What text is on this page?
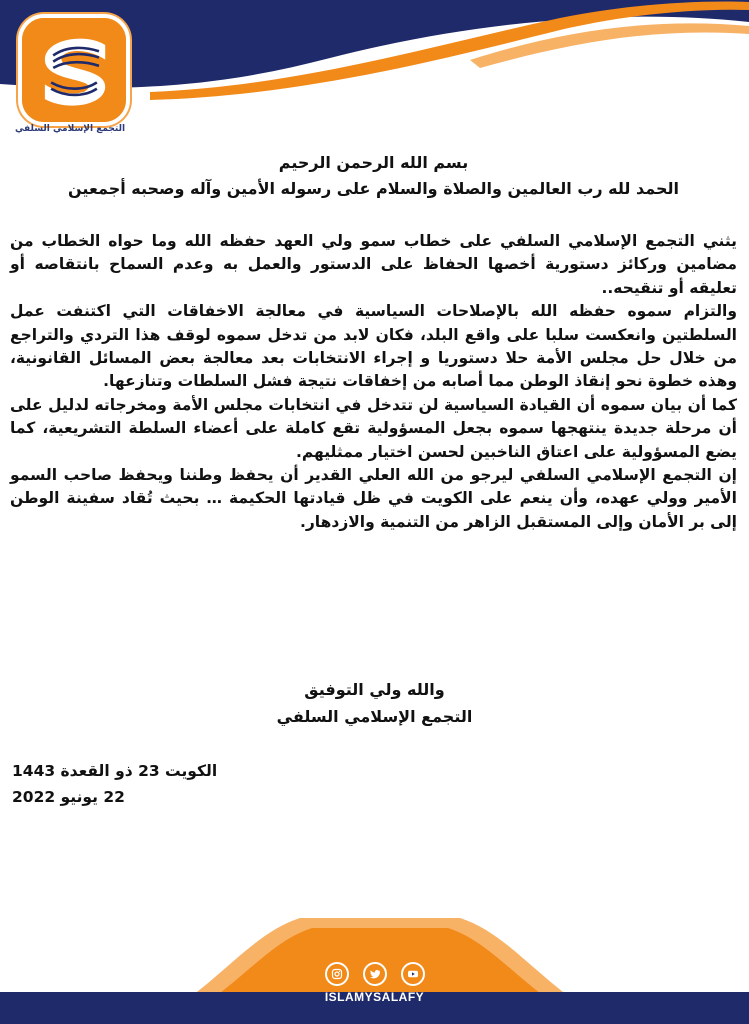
التجمع الإسلامي السلفي

بسم الله الرحمن الرحيم

الحمد لله رب العالمين والصلاة والسلام على رسوله الأمين وآله وصحبه أجمعين

يثني التجمع الإسلامي السلفي على خطاب سمو ولي العهد حفظه الله وما حواه الخطاب من مضامين وركائز دستورية أخصها الحفاظ على الدستور والعمل به وعدم السماح بانتقاصه أو تعليقه أو تنقيحه..

والتزام سموه حفظه الله بالإصلاحات السياسية في معالجة الاخفاقات التي اكتنفت عمل السلطتين وانعكست سلبا على واقع البلد، فكان لابد من تدخل سموه لوقف هذا التردي والتراجع من خلال حل مجلس الأمة حلا دستوريا و إجراء الانتخابات بعد معالجة بعض المسائل القانونية، وهذه خطوة نحو إنقاذ الوطن مما أصابه من إخفاقات نتيجة فشل السلطات وتنازعها.

كما أن بيان سموه أن القيادة السياسية لن تتدخل في انتخابات مجلس الأمة ومخرجاته لدليل على أن مرحلة جديدة ينتهجها سموه بجعل المسؤولية تقع كاملة على أعضاء السلطة التشريعية، كما يضع المسؤولية على اعتاق الناخبين لحسن اختيار ممثليهم.

إن التجمع الإسلامي السلفي ليرجو من الله العلي القدير أن يحفظ وطننا ويحفظ صاحب السمو الأمير وولي عهده، وأن ينعم على الكويت في ظل قيادتها الحكيمة … بحيث تُقاد سفينة الوطن إلى بر الأمان وإلى المستقبل الزاهر من التنمية والازدهار.

والله ولي التوفيق
التجمع الإسلامي السلفي
الكويت 23 ذو القعدة 1443
22 يونيو 2022
ISLAMYSALAFY
